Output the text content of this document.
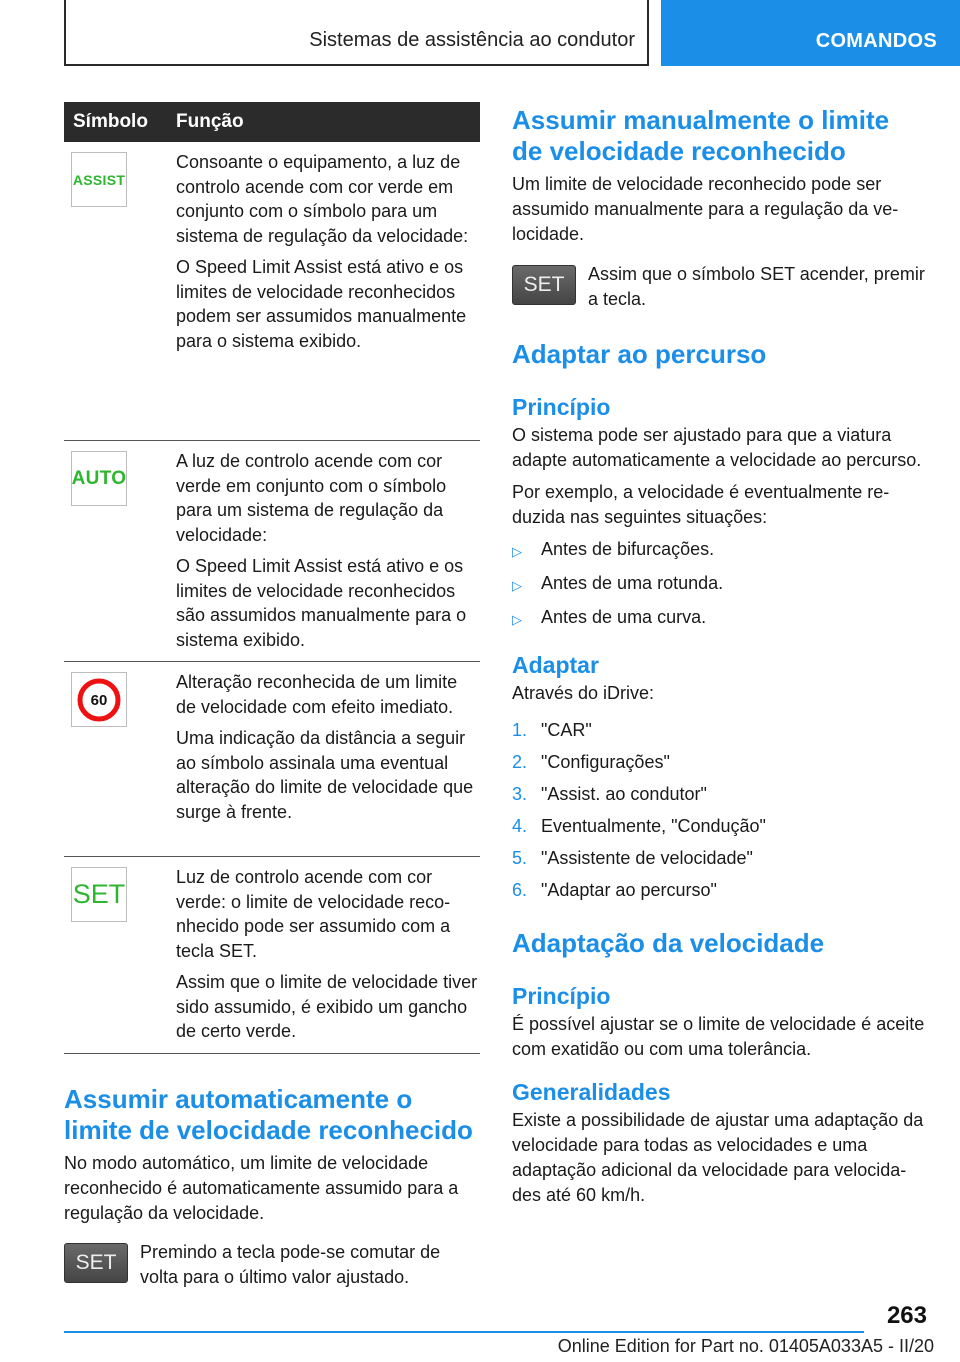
Sistemas de assistência ao condutor	COMANDOS
Símbolo	Função

ASSIST	Consoante o equipamento, a luz de controlo acende com cor verde em conjunto com o símbolo para um sistema de regulação da velocidade:

O Speed Limit Assist está ativo e os limites de velocidade reconhecidos podem ser assumidos manualmente para o sistema exibido.

AUTO	A luz de controlo acende com cor verde em conjunto com o símbolo para um sistema de regulação da velocidade:

O Speed Limit Assist está ativo e os limites de velocidade reconhecidos são assumidos manualmente para o sistema exibido.

60	Alteração reconhecida de um limite de velocidade com efeito imediato.

Uma indicação da distância a seguir ao símbolo assinala uma eventual alteração do limite de velocidade que surge à frente.

SET	Luz de controlo acende com cor verde: o limite de velocidade reconhecido pode ser assumido com a tecla SET.

Assim que o limite de velocidade tiver sido assumido, é exibido um gancho de certo verde.

Assumir automaticamente o limite de velocidade reconhecido

No modo automático, um limite de velocidade reconhecido é automaticamente assumido para a regulação da velocidade.

SET Premindo a tecla pode-se comutar de volta para o último valor ajustado.

Assumir manualmente o limite de velocidade reconhecido

Um limite de velocidade reconhecido pode ser assumido manualmente para a regulação da velocidade.

SET Assim que o símbolo SET acender, premir a tecla.

Adaptar ao percurso
Princípio

O sistema pode ser ajustado para que a viatura adapte automaticamente a velocidade ao percurso.

Por exemplo, a velocidade é eventualmente reduzida nas seguintes situações:

▷	Antes de bifurcações.
▷	Antes de uma rotunda.
▷	Antes de uma curva.
Adaptar

Através do iDrive:

1. "CAR"
2. "Configurações"
3. "Assist. ao condutor"
4. Eventualmente, "Condução"
5. "Assistente de velocidade"
6. "Adaptar ao percurso"
Adaptação da velocidade
Princípio

É possível ajustar se o limite de velocidade é aceite com exatidão ou com uma tolerância.

Generalidades

Existe a possibilidade de ajustar uma adaptação da velocidade para todas as velocidades e uma adaptação adicional da velocidade para velocidades até 60 km/h.

263
Online Edition for Part no. 01405A033A5 - II/20
